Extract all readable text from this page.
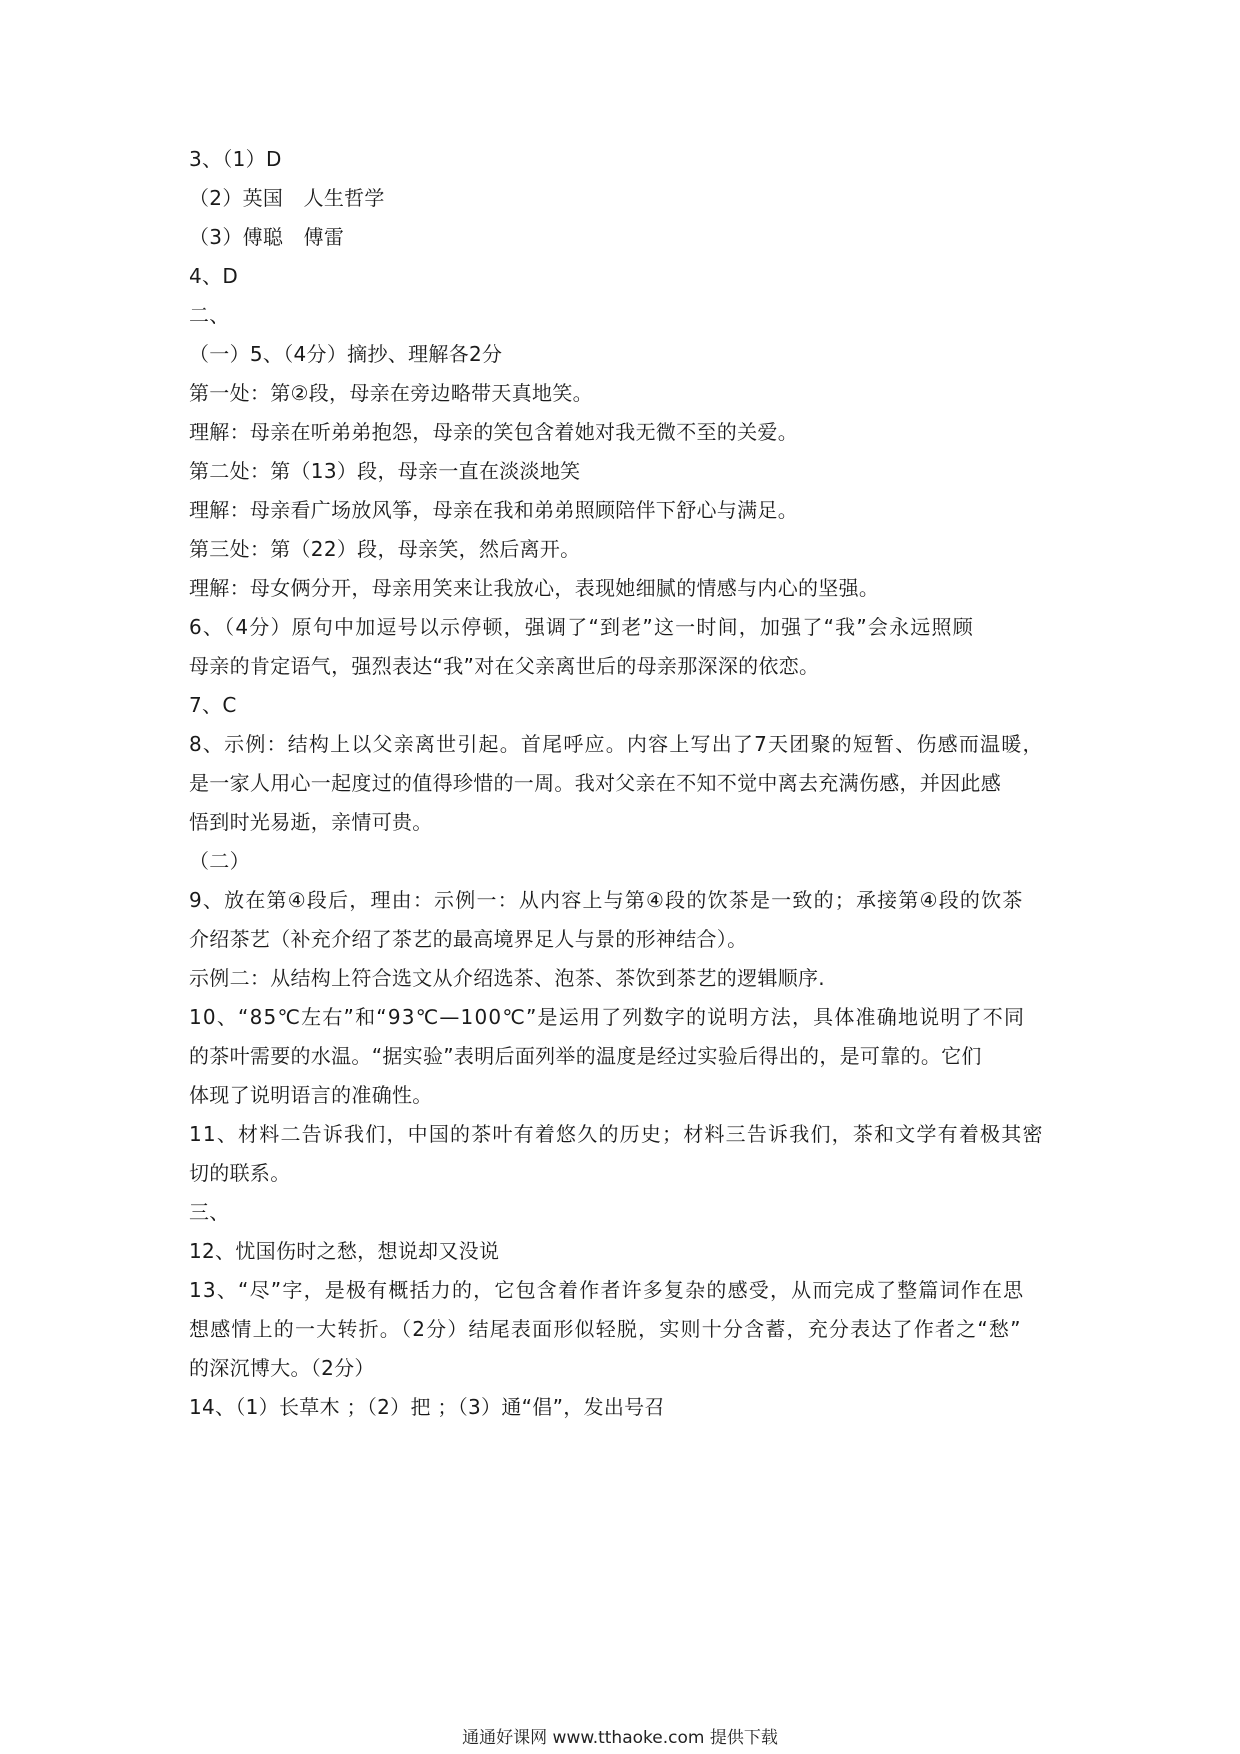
3、（1）D
（2）英国　人生哲学
（3）傅聪　傅雷
4、D
二、
（一）5、（4分）摘抄、理解各2分
第一处：第②段，母亲在旁边略带天真地笑。
理解：母亲在听弟弟抱怨，母亲的笑包含着她对我无微不至的关爱。
第二处：第（13）段，母亲一直在淡淡地笑
理解：母亲看广场放风筝，母亲在我和弟弟照顾陪伴下舒心与满足。
第三处：第（22）段，母亲笑，然后离开。
理解：母女俩分开，母亲用笑来让我放心，表现她细腻的情感与内心的坚强。
6、（4分）原句中加逗号以示停顿，强调了“到老”这一时间，加强了“我”会永远照顾
母亲的肯定语气，强烈表达“我”对在父亲离世后的母亲那深深的依恋。
7、C
8、示例：结构上以父亲离世引起。首尾呼应。内容上写出了7天团聚的短暂、伤感而温暖，
是一家人用心一起度过的值得珍惜的一周。我对父亲在不知不觉中离去充满伤感，并因此感
悟到时光易逝，亲情可贵。
（二）
9、放在第④段后，理由：示例一：从内容上与第④段的饮茶是一致的；承接第④段的饮茶
介绍茶艺（补充介绍了茶艺的最高境界足人与景的形神结合）。
示例二：从结构上符合选文从介绍选茶、泡茶、茶饮到茶艺的逻辑顺序.
10、“85℃左右”和“93℃—100℃”是运用了列数字的说明方法，具体准确地说明了不同
的茶叶需要的水温。“据实验”表明后面列举的温度是经过实验后得出的，是可靠的。它们
体现了说明语言的准确性。
11、材料二告诉我们，中国的茶叶有着悠久的历史；材料三告诉我们，茶和文学有着极其密
切的联系。
三、
12、忧国伤时之愁，想说却又没说
13、“尽”字，是极有概括力的，它包含着作者许多复杂的感受，从而完成了整篇词作在思
想感情上的一大转折。（2分）结尾表面形似轻脱，实则十分含蓄，充分表达了作者之“愁”
的深沉博大。（2分）
14、（1）长草木 ；（2）把 ；（3）通“倡”，发出号召
通通好课网 www.tthaoke.com 提供下载
